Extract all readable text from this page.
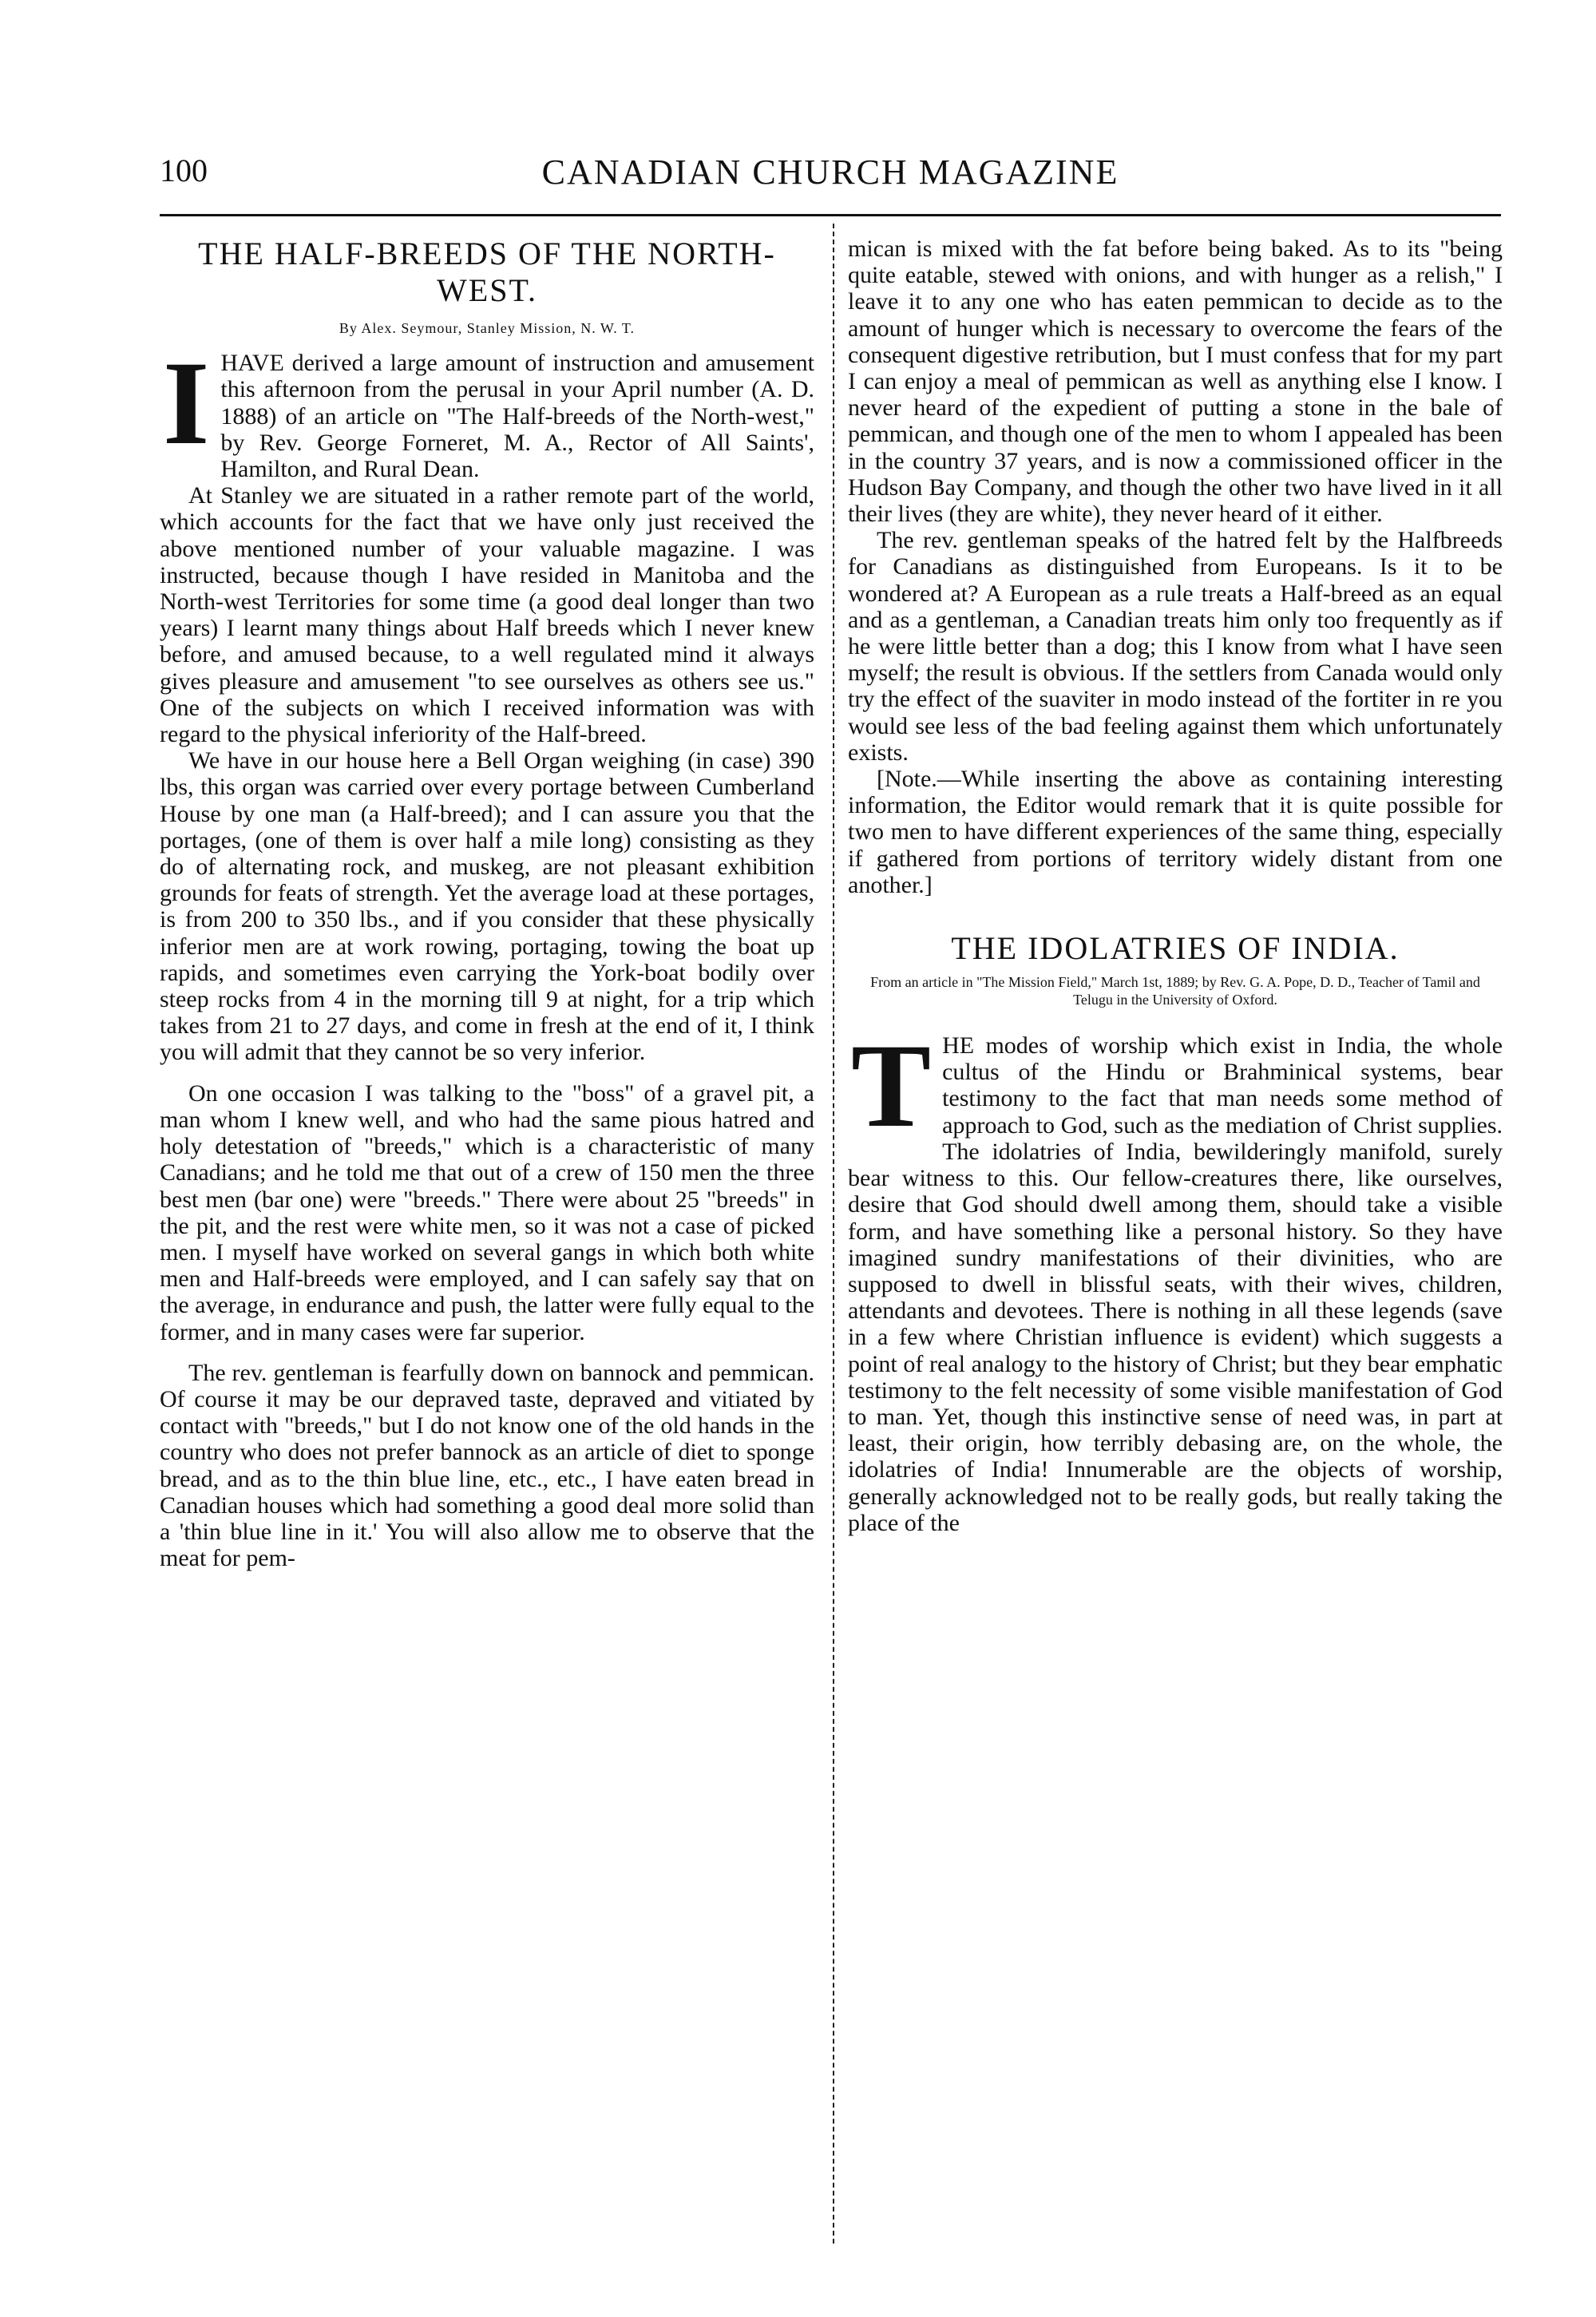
100	CANADIAN CHURCH MAGAZINE
THE HALF-BREEDS OF THE NORTH-WEST.
By Alex. Seymour, Stanley Mission, N. W. T.

IHAVE derived a large amount of instruction and amusement this afternoon from the perusal in your April number (A. D. 1888) of an article on "The Half-breeds of the North-west," by Rev. George Forneret, M. A., Rector of All Saints', Hamilton, and Rural Dean.

At Stanley we are situated in a rather remote part of the world, which accounts for the fact that we have only just received the above mentioned number of your valuable magazine. I was instructed, because though I have resided in Manitoba and the North-west Territories for some time (a good deal longer than two years) I learnt many things about Half breeds which I never knew before, and amused because, to a well regulated mind it always gives pleasure and amusement "to see ourselves as others see us." One of the subjects on which I received information was with regard to the physical inferiority of the Half-breed.

We have in our house here a Bell Organ weighing (in case) 390 lbs, this organ was carried over every portage between Cumberland House by one man (a Half-breed); and I can assure you that the portages, (one of them is over half a mile long) consisting as they do of alternating rock, and muskeg, are not pleasant exhibition grounds for feats of strength. Yet the average load at these portages, is from 200 to 350 lbs., and if you consider that these physically inferior men are at work rowing, portaging, towing the boat up rapids, and sometimes even carrying the York-boat bodily over steep rocks from 4 in the morning till 9 at night, for a trip which takes from 21 to 27 days, and come in fresh at the end of it, I think you will admit that they cannot be so very inferior.

On one occasion I was talking to the "boss" of a gravel pit, a man whom I knew well, and who had the same pious hatred and holy detestation of "breeds," which is a characteristic of many Canadians; and he told me that out of a crew of 150 men the three best men (bar one) were "breeds." There were about 25 "breeds" in the pit, and the rest were white men, so it was not a case of picked men. I myself have worked on several gangs in which both white men and Half-breeds were employed, and I can safely say that on the average, in endurance and push, the latter were fully equal to the former, and in many cases were far superior.

The rev. gentleman is fearfully down on bannock and pemmican. Of course it may be our depraved taste, depraved and vitiated by contact with "breeds," but I do not know one of the old hands in the country who does not prefer bannock as an article of diet to sponge bread, and as to the thin blue line, etc., etc., I have eaten bread in Canadian houses which had something a good deal more solid than a 'thin blue line in it.' You will also allow me to observe that the meat for pem-

mican is mixed with the fat before being baked. As to its "being quite eatable, stewed with onions, and with hunger as a relish," I leave it to any one who has eaten pemmican to decide as to the amount of hunger which is necessary to overcome the fears of the consequent digestive retribution, but I must confess that for my part I can enjoy a meal of pemmican as well as anything else I know. I never heard of the expedient of putting a stone in the bale of pemmican, and though one of the men to whom I appealed has been in the country 37 years, and is now a commissioned officer in the Hudson Bay Company, and though the other two have lived in it all their lives (they are white), they never heard of it either.

The rev. gentleman speaks of the hatred felt by the Halfbreeds for Canadians as distinguished from Europeans. Is it to be wondered at? A European as a rule treats a Half-breed as an equal and as a gentleman, a Canadian treats him only too frequently as if he were little better than a dog; this I know from what I have seen myself; the result is obvious. If the settlers from Canada would only try the effect of the suaviter in modo instead of the fortiter in re you would see less of the bad feeling against them which unfortunately exists.

[Note.—While inserting the above as containing interesting information, the Editor would remark that it is quite possible for two men to have different experiences of the same thing, especially if gathered from portions of territory widely distant from one another.]

THE IDOLATRIES OF INDIA.
From an article in "The Mission Field," March 1st, 1889; by Rev. G. A. Pope, D. D., Teacher of Tamil and Telugu in the University of Oxford.

THE modes of worship which exist in India, the whole cultus of the Hindu or Brahminical systems, bear testimony to the fact that man needs some method of approach to God, such as the mediation of Christ supplies. The idolatries of India, bewilderingly manifold, surely bear witness to this. Our fellow-creatures there, like ourselves, desire that God should dwell among them, should take a visible form, and have something like a personal history. So they have imagined sundry manifestations of their divinities, who are supposed to dwell in blissful seats, with their wives, children, attendants and devotees. There is nothing in all these legends (save in a few where Christian influence is evident) which suggests a point of real analogy to the history of Christ; but they bear emphatic testimony to the felt necessity of some visible manifestation of God to man. Yet, though this instinctive sense of need was, in part at least, their origin, how terribly debasing are, on the whole, the idolatries of India! Innumerable are the objects of worship, generally acknowledged not to be really gods, but really taking the place of the
